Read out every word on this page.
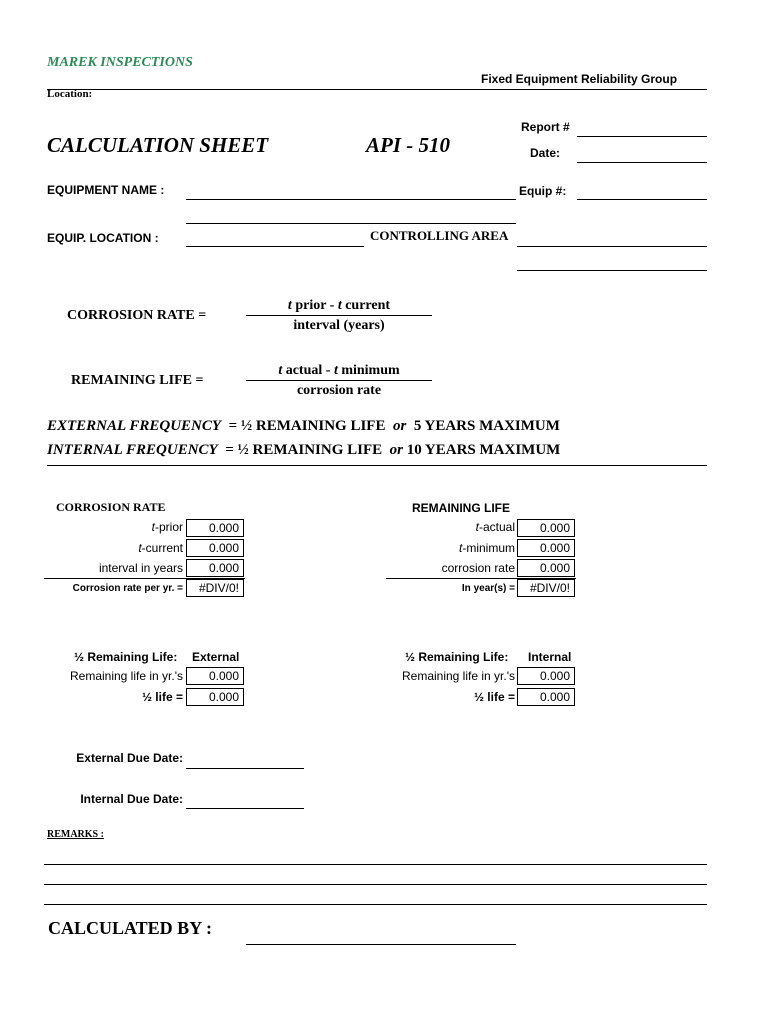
MAREK INSPECTIONS
Fixed Equipment Reliability Group
Location:
CALCULATION SHEET	API - 510
Report #
Date:
EQUIPMENT NAME :	Equip #:
EQUIP. LOCATION :	CONTROLLING AREA
CORROSION RATE =
t prior - t current
interval (years)
REMAINING LIFE =
t actual - t minimum
corrosion rate
EXTERNAL FREQUENCY = ½ REMAINING LIFE or 5 YEARS MAXIMUM
INTERNAL FREQUENCY = ½ REMAINING LIFE or 10 YEARS MAXIMUM
CORROSION RATE
t-prior	0.000
t-current	0.000
interval in years	0.000
Corrosion rate per yr. =	#DIV/0!
REMAINING LIFE
t-actual	0.000
t-minimum	0.000
corrosion rate	0.000
In year(s) =	#DIV/0!
½ Remaining Life: External
Remaining life in yr.'s	0.000
½ life =	0.000
½ Remaining Life: Internal
Remaining life in yr.'s	0.000
½ life =	0.000
External Due Date:
Internal Due Date:
REMARKS :
CALCULATED BY :
